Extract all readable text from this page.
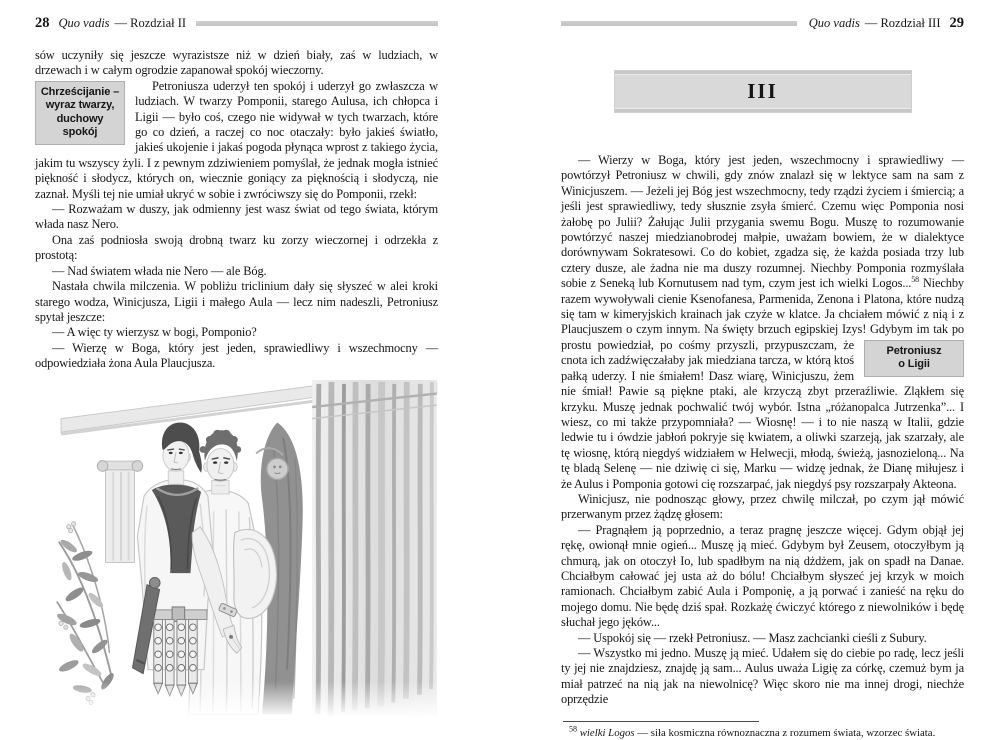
28 Quo vadis — Rozdział II

sów uczyniły się jeszcze wyrazistsze niż w dzień biały, zaś w ludziach, w drzewach i w całym ogrodzie zapanował spokój wieczorny.

Chrześcijanie –
wyraz twarzy,
duchowy spokój
Petroniusza uderzył ten spokój i uderzył go zwłaszcza w ludziach. W twarzy Pomponii, starego Aulusa, ich chłopca i Ligii — było coś, czego nie widywał w tych twarzach, które go co dzień, a raczej co noc otaczały: było jakieś światło, jakieś ukojenie i jakaś pogoda płynąca wprost z takiego życia, jakim tu wszyscy żyli. I z pewnym zdziwieniem pomyślał, że jednak mogła istnieć piękność i słodycz, których on, wiecznie goniący za pięknością i słodyczą, nie zaznał. Myśli tej nie umiał ukryć w sobie i zwróciwszy się do Pomponii, rzekł:

— Rozważam w duszy, jak odmienny jest wasz świat od tego świata, którym włada nasz Nero.

Ona zaś podniosła swoją drobną twarz ku zorzy wieczornej i odrzekła z prostotą:

— Nad światem włada nie Nero — ale Bóg.

Nastała chwila milczenia. W pobliżu triclinium dały się słyszeć w alei kroki starego wodza, Winicjusza, Ligii i małego Aula — lecz nim nadeszli, Petroniusz spytał jeszcze:

— A więc ty wierzysz w bogi, Pomponio?

— Wierzę w Boga, który jest jeden, sprawiedliwy i wszechmocny — odpowiedziała żona Aula Plaucjusza.

Quo vadis — Rozdział III 29
III

— Wierzy w Boga, który jest jeden, wszechmocny i sprawiedliwy — powtórzył Petroniusz w chwili, gdy znów znalazł się w lektyce sam na sam z Winicjuszem. — Jeżeli jej Bóg jest wszechmocny, tedy rządzi życiem i śmiercią; a jeśli jest sprawiedliwy, tedy słusznie zsyła śmierć. Czemu więc Pomponia nosi żałobę po Julii? Żałując Julii przygania swemu Bogu. Muszę to rozumowanie powtórzyć naszej miedzianobrodej małpie, uważam bowiem, że w dialektyce dorównywam Sokratesowi. Co do kobiet, zgadza się, że każda posiada trzy lub cztery dusze, ale żadna nie ma duszy rozumnej. Niechby Pomponia rozmyślała sobie z Seneką lub Kornutusem nad tym, czym jest ich wielki Logos...$^{58}$ Niechby razem wywoływali cienie Ksenofanesa, Parmenida, Zenona i Platona, które nudzą się tam w kimeryjskich krainach jak czyże w klatce. Ja chciałem mówić z nią i z Plaucjuszem o czym innym. Na święty brzuch egipskiej Izys! Gdybym im tak po prostu powiedział, po cośmy przyszli, przypuszczam, że	Petroniusz
o Ligii
cnota ich zadźwięczałaby jak miedziana tarcza, w którą ktoś pałką uderzy. I nie śmiałem! Dasz wiarę, Winicjuszu, żem nie śmiał! Pawie są piękne ptaki, ale krzyczą zbyt przeraźliwie. Zląkłem się krzyku. Muszę jednak pochwalić twój wybór. Istna „różanopalca Jutrzenka”... I wiesz, co mi także przypomniała? — Wiosnę! — i to nie naszą w Italii, gdzie ledwie tu i ówdzie jabłoń pokryje się kwiatem, a oliwki szarzeją, jak szarzały, ale tę wiosnę, którą niegdyś widziałem w Helwecji, młodą, świeżą, jasnozieloną... Na tę bladą Selenę — nie dziwię ci się, Marku — widzę jednak, że Dianę miłujesz i że Aulus i Pomponia gotowi cię rozszarpać, jak niegdyś psy rozszarpały Akteona.

Winicjusz, nie podnosząc głowy, przez chwilę milczał, po czym jął mówić przerwanym przez żądzę głosem:

— Pragnąłem ją poprzednio, a teraz pragnę jeszcze więcej. Gdym objął jej rękę, owionął mnie ogień... Muszę ją mieć. Gdybym był Zeusem, otoczyłbym ją chmurą, jak on otoczył Io, lub spadłbym na nią dżdżem, jak on spadł na Danae. Chciałbym całować jej usta aż do bólu! Chciałbym słyszeć jej krzyk w moich ramionach. Chciałbym zabić Aula i Pomponię, a ją porwać i zanieść na ręku do mojego domu. Nie będę dziś spał. Rozkażę ćwiczyć którego z niewolników i będę słuchał jego jęków...

— Uspokój się — rzekł Petroniusz. — Masz zachcianki cieśli z Subury.

— Wszystko mi jedno. Muszę ją mieć. Udałem się do ciebie po radę, lecz jeśli ty jej nie znajdziesz, znajdę ją sam... Aulus uważa Ligię za córkę, czemuż bym ja miał patrzeć na nią jak na niewolnicę? Więc skoro nie ma innej drogi, niechże oprzędzie

$^{58}$ wielki Logos — siła kosmiczna równoznaczna z rozumem świata, wzorzec świata.
